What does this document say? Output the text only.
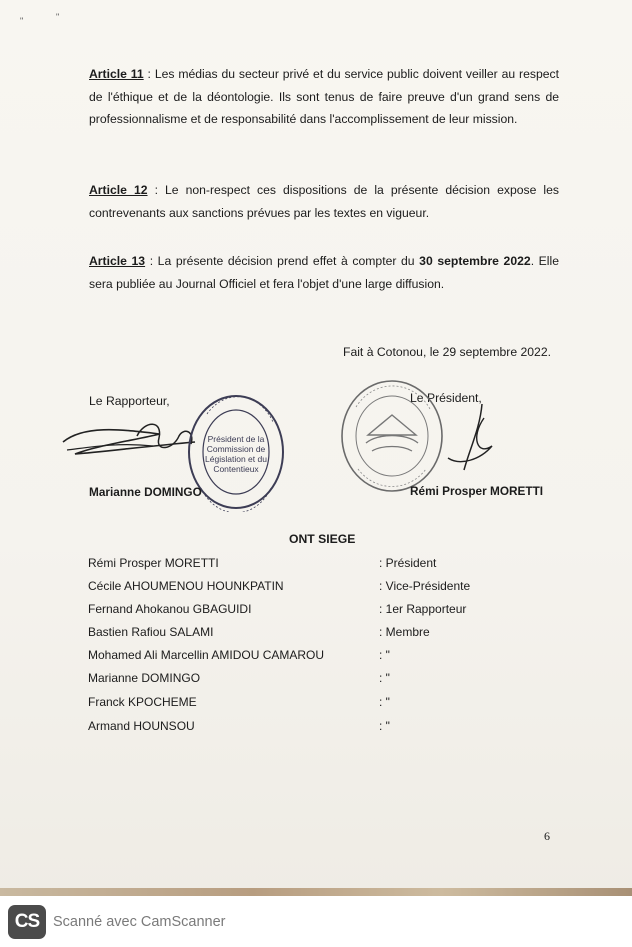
"	"

Article 11 : Les médias du secteur privé et du service public doivent veiller au respect de l'éthique et de la déontologie. Ils sont tenus de faire preuve d'un grand sens de professionnalisme et de responsabilité dans l'accomplissement de leur mission.

Article 12 : Le non-respect ces dispositions de la présente décision expose les contrevenants aux sanctions prévues par les textes en vigueur.

Article 13 : La présente décision prend effet à compter du 30 septembre 2022. Elle sera publiée au Journal Officiel et fera l'objet d'une large diffusion.

Fait à Cotonou, le 29 septembre 2022.

Le Rapporteur,	Le Président,

Président de la
Commission de
Législation et du
Contentieux

Marianne DOMINGO	Rémi Prosper MORETTI

ONT SIEGE

Rémi Prosper MORETTI	: Président
Cécile AHOUMENOU HOUNKPATIN	: Vice-Présidente
Fernand Ahokanou GBAGUIDI	: 1er Rapporteur
Bastien Rafiou SALAMI	: Membre
Mohamed Ali Marcellin AMIDOU CAMAROU	: "
Marianne DOMINGO	: "
Franck KPOCHEME	: "
Armand HOUNSOU	: "
6
CS Scanné avec CamScanner
